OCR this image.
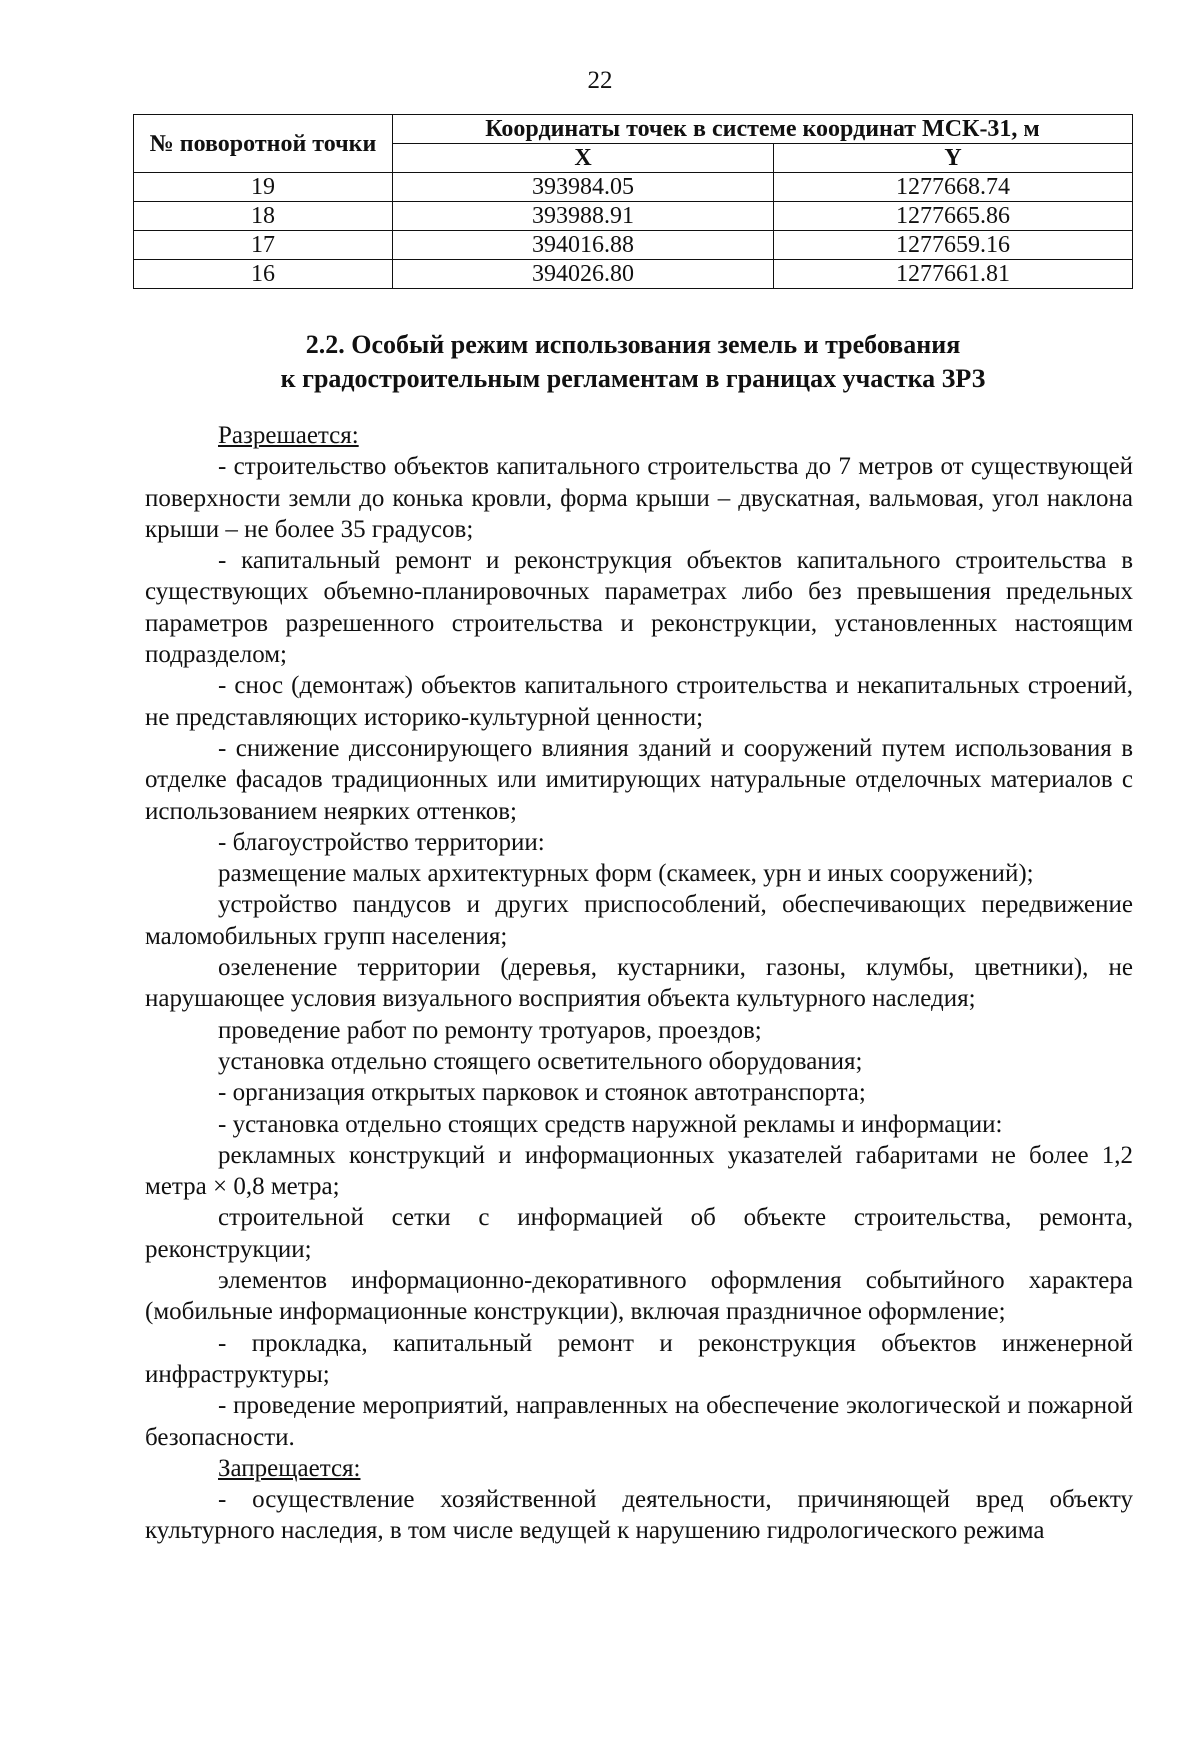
22
№ поворотной точки	Координаты точек в системе координат МСК-31, м	
	X	Y
19	393984.05	1277668.74
18	393988.91	1277665.86
17	394016.88	1277659.16
16	394026.80	1277661.81
2.2. Особый режим использования земель и требования
к градостроительным регламентам в границах участка ЗРЗ

Разрешается:

- строительство объектов капитального строительства до 7 метров от существующей поверхности земли до конька кровли, форма крыши – двускатная, вальмовая, угол наклона крыши – не более 35 градусов;

- капитальный ремонт и реконструкция объектов капитального строительства в существующих объемно-планировочных параметрах либо без превышения предельных параметров разрешенного строительства и реконструкции, установленных настоящим подразделом;

- снос (демонтаж) объектов капитального строительства и некапитальных строений, не представляющих историко-культурной ценности;

- снижение диссонирующего влияния зданий и сооружений путем использования в отделке фасадов традиционных или имитирующих натуральные отделочных материалов с использованием неярких оттенков;

- благоустройство территории:

размещение малых архитектурных форм (скамеек, урн и иных сооружений);

устройство пандусов и других приспособлений, обеспечивающих передвижение маломобильных групп населения;

озеленение территории (деревья, кустарники, газоны, клумбы, цветники), не нарушающее условия визуального восприятия объекта культурного наследия;

проведение работ по ремонту тротуаров, проездов;

установка отдельно стоящего осветительного оборудования;

- организация открытых парковок и стоянок автотранспорта;

- установка отдельно стоящих средств наружной рекламы и информации:

рекламных конструкций и информационных указателей габаритами не более 1,2 метра × 0,8 метра;

строительной сетки с информацией об объекте строительства, ремонта, реконструкции;

элементов информационно-декоративного оформления событийного характера (мобильные информационные конструкции), включая праздничное оформление;

- прокладка, капитальный ремонт и реконструкция объектов инженерной инфраструктуры;

- проведение мероприятий, направленных на обеспечение экологической и пожарной безопасности.

Запрещается:

- осуществление хозяйственной деятельности, причиняющей вред объекту культурного наследия, в том числе ведущей к нарушению гидрологического режима
